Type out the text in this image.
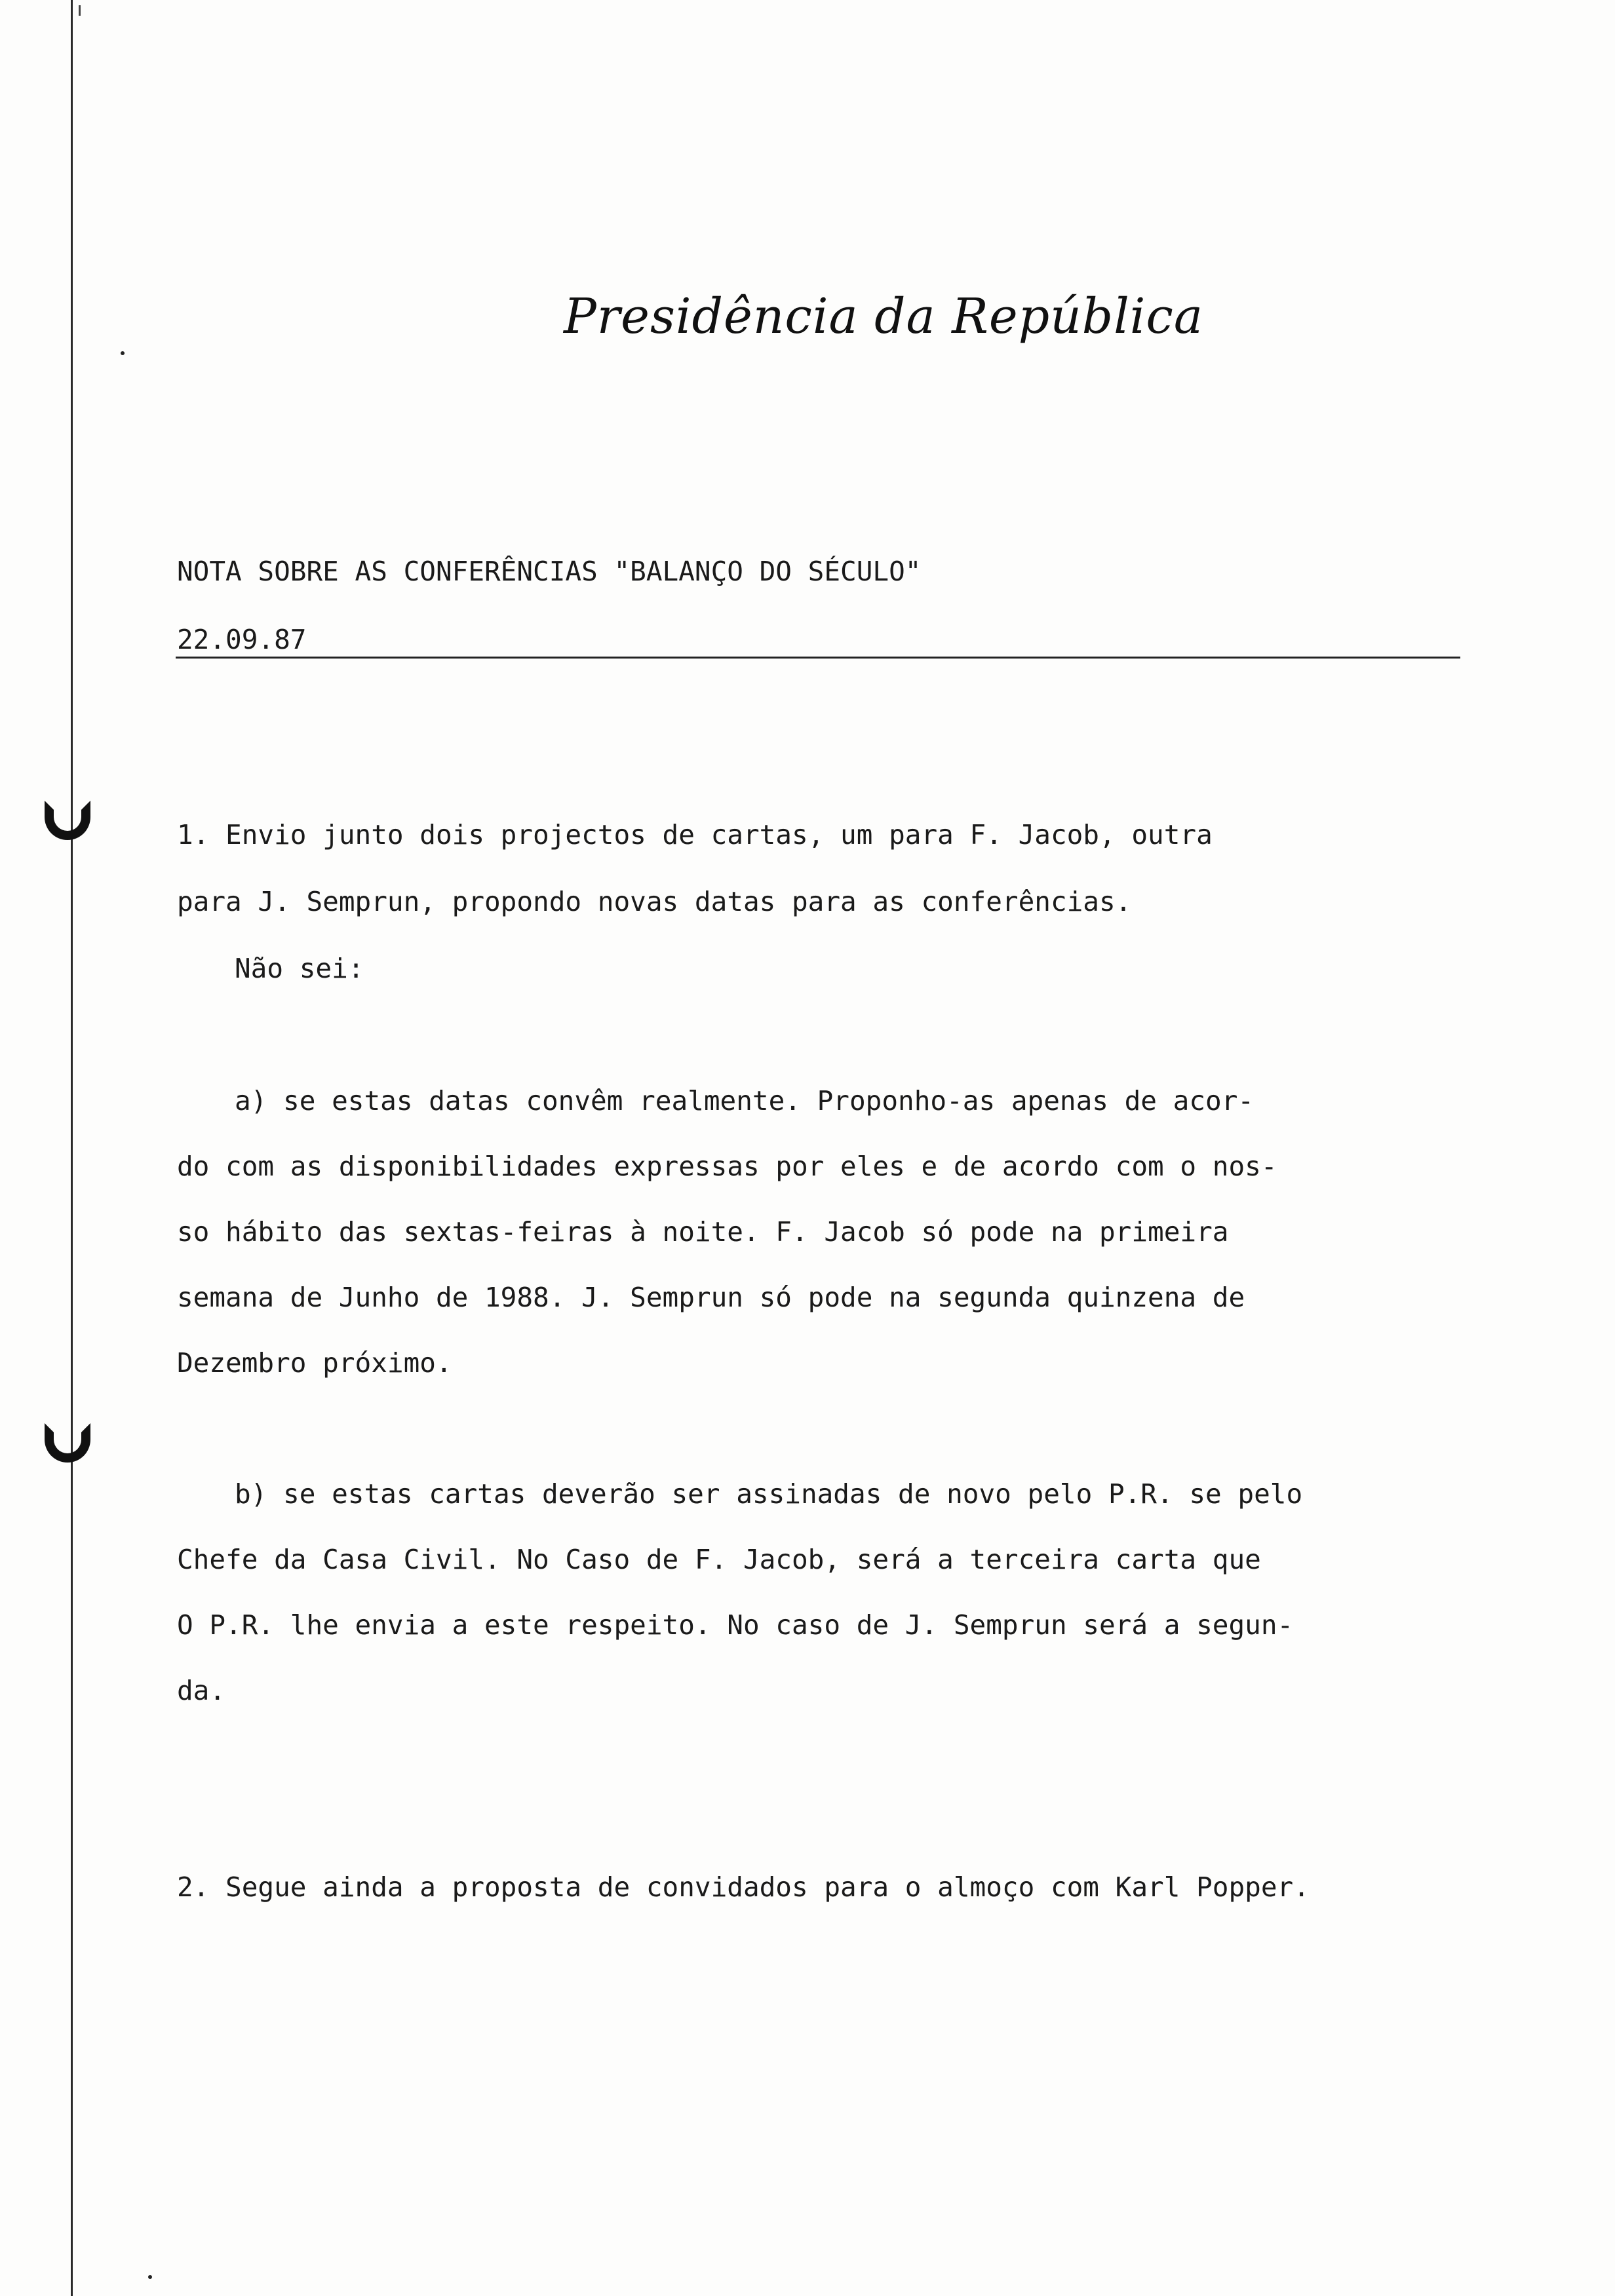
Presidência da República
NOTA SOBRE AS CONFERÊNCIAS "BALANÇO DO SÉCULO"
22.09.87
1. Envio junto dois projectos de cartas, um para F. Jacob, outra
para J. Semprun, propondo novas datas para as conferências.
Não sei:
a) se estas datas convêm realmente. Proponho-as apenas de acor-
do com as disponibilidades expressas por eles e de acordo com o nos-
so hábito das sextas-feiras à noite. F. Jacob só pode na primeira
semana de Junho de 1988. J. Semprun só pode na segunda quinzena de
Dezembro próximo.
b) se estas cartas deverão ser assinadas de novo pelo P.R. se pelo
Chefe da Casa Civil. No Caso de F. Jacob, será a terceira carta que
O P.R. lhe envia a este respeito. No caso de J. Semprun será a segun-
da.
2. Segue ainda a proposta de convidados para o almoço com Karl Popper.
